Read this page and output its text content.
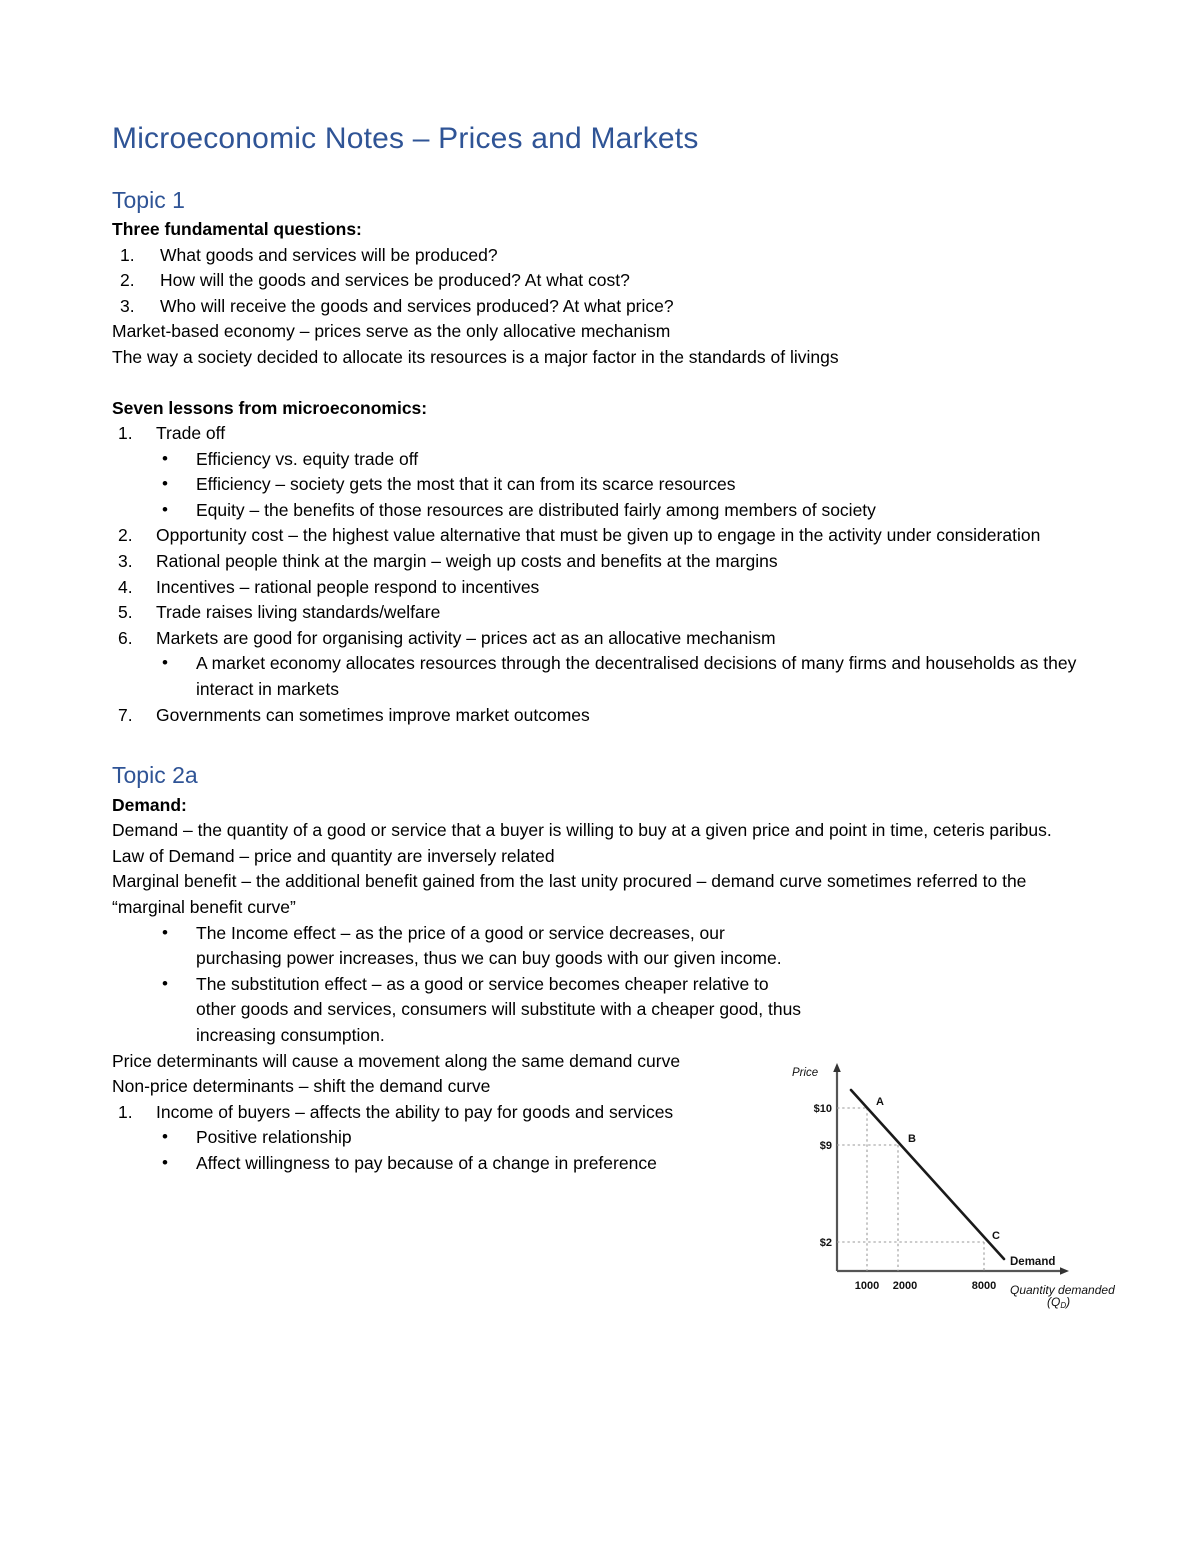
Microeconomic Notes – Prices and Markets
Topic 1

Three fundamental questions:

1.	What goods and services will be produced?
2.	How will the goods and services be produced? At what cost?
3.	Who will receive the goods and services produced? At what price?

Market-based economy – prices serve as the only allocative mechanism

The way a society decided to allocate its resources is a major factor in the standards of livings

Seven lessons from microeconomics:

1.	Trade off
• Efficiency vs. equity trade off
• Efficiency – society gets the most that it can from its scarce resources
• Equity – the benefits of those resources are distributed fairly among members of society
2.	Opportunity cost – the highest value alternative that must be given up to engage in the activity under consideration
3.	Rational people think at the margin – weigh up costs and benefits at the margins
4.	Incentives – rational people respond to incentives
5.	Trade raises living standards/welfare
6.	Markets are good for organising activity – prices act as an allocative mechanism
• A market economy allocates resources through the decentralised decisions of many firms and households as they interact in markets
7.	Governments can sometimes improve market outcomes
Topic 2a

Demand:

Demand – the quantity of a good or service that a buyer is willing to buy at a given price and point in time, ceteris paribus.

Law of Demand – price and quantity are inversely related

Marginal benefit – the additional benefit gained from the last unity procured – demand curve sometimes referred to the “marginal benefit curve”

• The Income effect – as the price of a good or service decreases, our purchasing power increases, thus we can buy goods with our given income.
• The substitution effect – as a good or service becomes cheaper relative to other goods and services, consumers will substitute with a cheaper good, thus increasing consumption.

Price determinants will cause a movement along the same demand curve

Non-price determinants – shift the demand curve

1.	Income of buyers – affects the ability to pay for goods and services
• Positive relationship
• Affect willingness to pay because of a change in preference
$10
$9
$2
1000 2000	8000
A
B
C
Price
Demand
Quantity demanded
(QD)
